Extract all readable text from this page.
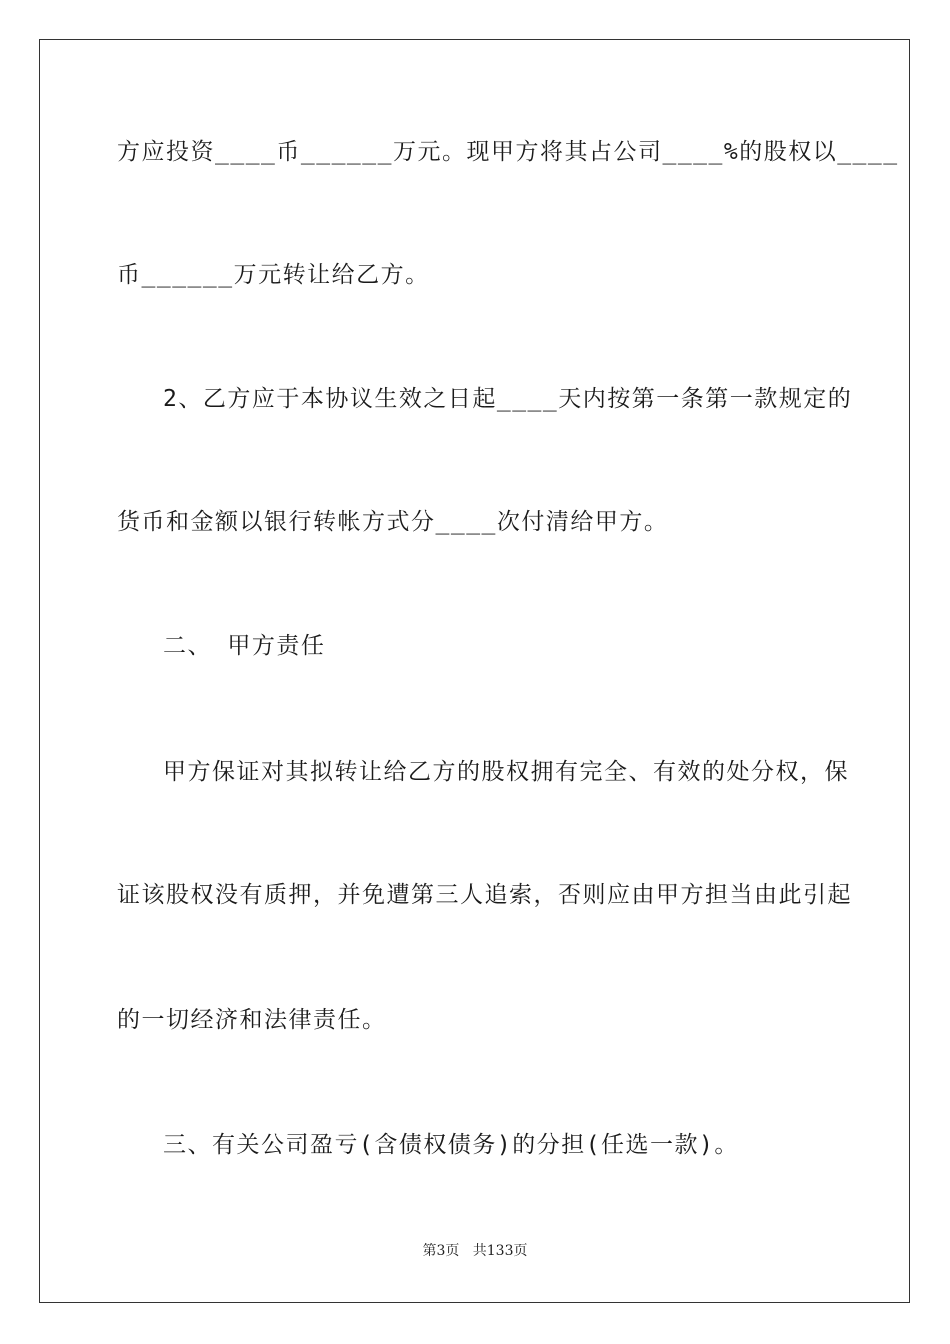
方应投资____币______万元。现甲方将其占公司____%的股权以____
币______万元转让给乙方。
2、乙方应于本协议生效之日起____天内按第一条第一款规定的
货币和金额以银行转帐方式分____次付清给甲方。
二、 甲方责任
甲方保证对其拟转让给乙方的股权拥有完全、有效的处分权，保
证该股权没有质押，并免遭第三人追索，否则应由甲方担当由此引起
的一切经济和法律责任。
三、有关公司盈亏(含债权债务)的分担(任选一款)。
第3页 共133页
